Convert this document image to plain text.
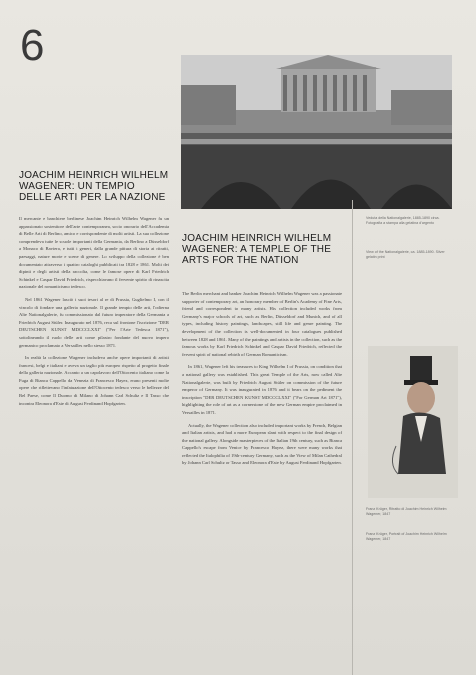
6
Veduta della Nationalgalerie, 1885-1890 circa. Fotografia a stampa alla gelatina d'argento
View of the Nationalgalerie, ca. 1885-1890. Silver gelatin print
Franz Krüger, Ritratto di Joachim Heinrich Wilhelm Wagener, 1847
Franz Krüger, Portrait of Joachim Heinrich Wilhelm Wagener, 1847
JOACHIM HEINRICH WILHELM WAGENER: UN TEMPIO DELLE ARTI PER LA NAZIONE

Il mercante e banchiere berlinese Joachim Heinrich Wilhelm Wagener fu un appassionato sostenitore dell'arte contemporanea, socio onorario dell'Accademia di Belle Arti di Berlino, amico e corrispondente di molti artisti. La sua collezione comprendeva tutte le scuole importanti della Germania, da Berlino a Düsseldorf a Monaco di Baviera, e tutti i generi, dalla grande pittura di storia ai ritratti, paesaggi, nature morte e scene di genere. Lo sviluppo della collezione è ben documentato attraverso i quattro cataloghi pubblicati tra 1828 e 1861. Molti dei dipinti e degli artisti della raccolta, come le famose opere di Karl Friedrich Schinkel e Caspar David Friedrich, rispecchiavano il fervente spirito di rinascita nazionale del romanticismo tedesco.

Nel 1861 Wagener lasciò i suoi tesori al re di Prussia, Guglielmo I, con il vincolo di fondare una galleria nazionale. Il grande tempio delle arti, l'odierna Alte Nationalgalerie, fu commissionato dal futuro imperatore della Germania a Friedrich August Stüler. Inaugurato nel 1876, reca sul frontone l'iscrizione "DER DEUTSCHEN KUNST MDCCCLXXI" ("Per l'Arte Tedesca 1871"), sottolineando il ruolo delle arti come pilastro fondante del nuovo impero germanico proclamato a Versailles nello stesso 1871.

In realtà la collezione Wagener includeva anche opere importanti di artisti francesi, belgi e italiani e aveva un taglio più europeo rispetto al progetto finale della galleria nazionale. Accanto a un capolavoro dell'Ottocento italiano come la Fuga di Bianca Cappello da Venezia di Francesco Hayez, erano presenti molte opere che riflettevano l'infatuazione dell'Ottocento tedesco verso le bellezze del Bel Paese, come Il Duomo di Milano di Johann Carl Schultz e Il Tasso che incontra Eleonora d'Este di August Ferdinand Hopfgarten.

JOACHIM HEINRICH WILHELM WAGENER: A TEMPLE OF THE ARTS FOR THE NATION

The Berlin merchant and banker Joachim Heinrich Wilhelm Wagener was a passionate supporter of contemporary art, an honorary member of Berlin's Academy of Fine Arts, friend and correspondent to many artists. His collection included works from Germany's major schools of art, such as Berlin, Düsseldorf and Munich, and of all types, including history paintings, landscapes, still life and genre painting. The development of the collection is well-documented in four catalogues published between 1828 and 1861. Many of the paintings and artists in the collection, such as the famous works by Karl Friedrich Schinkel and Caspar David Friedrich, reflected the fervent spirit of national rebirth of German Romanticism.

In 1861, Wagener left his treasures to King Wilhelm I of Prussia, on condition that a national gallery was established. This great Temple of the Arts, now called Alte Nationalgalerie, was built by Friedrich August Stüler on commission of the future emperor of Germany. It was inaugurated in 1876 and it bears on the pediment the inscription "DER DEUTSCHEN KUNST MDCCCLXXI" ("For German Art 1871"), highlighting the role of art as a cornerstone of the new German empire proclaimed in Versailles in 1871.

Actually, the Wagener collection also included important works by French, Belgian and Italian artists, and had a more European slant with respect to the final design of the national gallery. Alongside masterpieces of the Italian 19th century, such as Bianca Cappello's escape from Venice by Francesco Hayez, there were many works that reflected the Italophilia of 19th-century Germany, such as the View of Milan Cathedral by Johann Carl Schultz or Tasso and Eleonora d'Este by August Ferdinand Hopfgarten.
